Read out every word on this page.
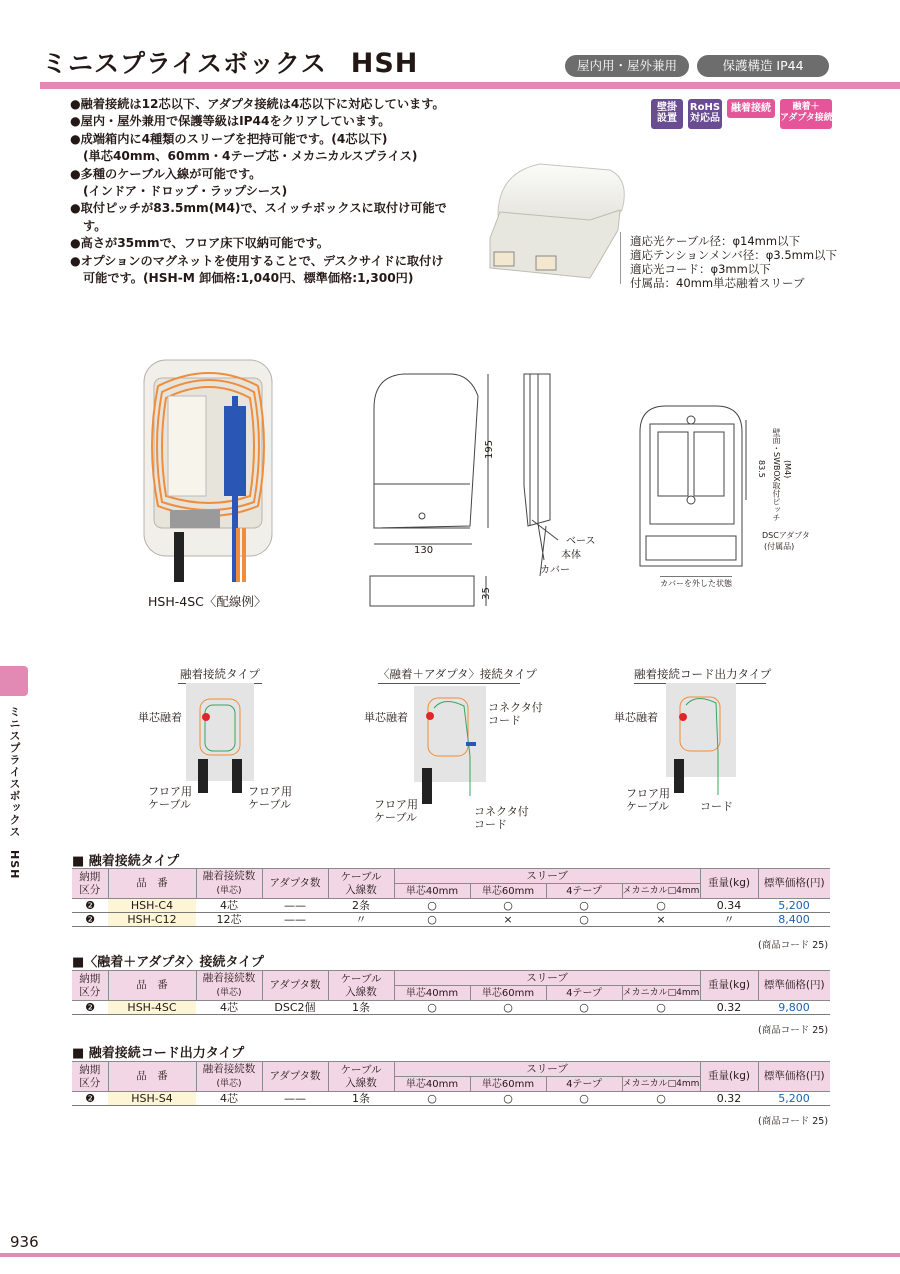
ミニスプライスボックス HSH	屋内用・屋外兼用	保護構造 IP44
●融着接続は12芯以下、アダプタ接続は4芯以下に対応しています。
●屋内・屋外兼用で保護等級はIP44をクリアしています。
●成端箱内に4種類のスリーブを把持可能です。(4芯以下)
(単芯40mm、60mm・4テープ芯・メカニカルスプライス)
●多種のケーブル入線が可能です。
(インドア・ドロップ・ラップシース)
●取付ピッチが83.5mm(M4)で、スイッチボックスに取付け可能です。
●高さが35mmで、フロア床下収納可能です。
●オプションのマグネットを使用することで、デスクサイドに取付け可能です。(HSH-M 卸価格:1,040円、標準価格:1,300円)
壁掛
設置
RoHS
対応品
融着接続	融着＋
アダプタ接続
適応光ケーブル径：φ14mm以下
適応テンションメンバ径：φ3.5mm以下
適応光コード：φ3mm以下
付属品：40mm単芯融着スリーブ
HSH-4SC〈配線例〉
195
130
35
ベース
本体
カバー
83.5 壁面・SWBOX取付ピッチ (M4)
DSCアダプタ
(付属品)
カバーを外した状態
ミニスプライスボックス　HSH
融着接続タイプ
単芯融着
フロア用
ケーブル
フロア用
ケーブル
〈融着＋アダプタ〉接続タイプ
単芯融着
フロア用
ケーブル
コネクタ付
コード
コネクタ付
コード
融着接続コード出力タイプ
単芯融着
フロア用
ケーブル	コード
■ 融着接続タイプ
納期
区分	品　番	融着接続数
(単芯)	アダプタ数	ケーブル
入線数	スリーブ				重量(kg)	標準価格(円)
					単芯40mm	単芯60mm	4テープ	メカニカル□4mm		
❷	HSH-C4	4芯	——	2条	○	○	○	○	0.34	5,200
❷	HSH-C12	12芯	——	〃	○	×	○	×	〃	8,400
(商品コード 25)
■〈融着＋アダプタ〉接続タイプ
納期
区分	品　番	融着接続数
(単芯)	アダプタ数	ケーブル
入線数	スリーブ				重量(kg)	標準価格(円)
					単芯40mm	単芯60mm	4テープ	メカニカル□4mm		
❷	HSH-4SC	4芯	DSC2個	1条	○	○	○	○	0.32	9,800
(商品コード 25)
■ 融着接続コード出力タイプ
納期
区分	品　番	融着接続数
(単芯)	アダプタ数	ケーブル
入線数	スリーブ				重量(kg)	標準価格(円)
					単芯40mm	単芯60mm	4テープ	メカニカル□4mm		
❷	HSH-S4	4芯	——	1条	○	○	○	○	0.32	5,200
(商品コード 25)
936
